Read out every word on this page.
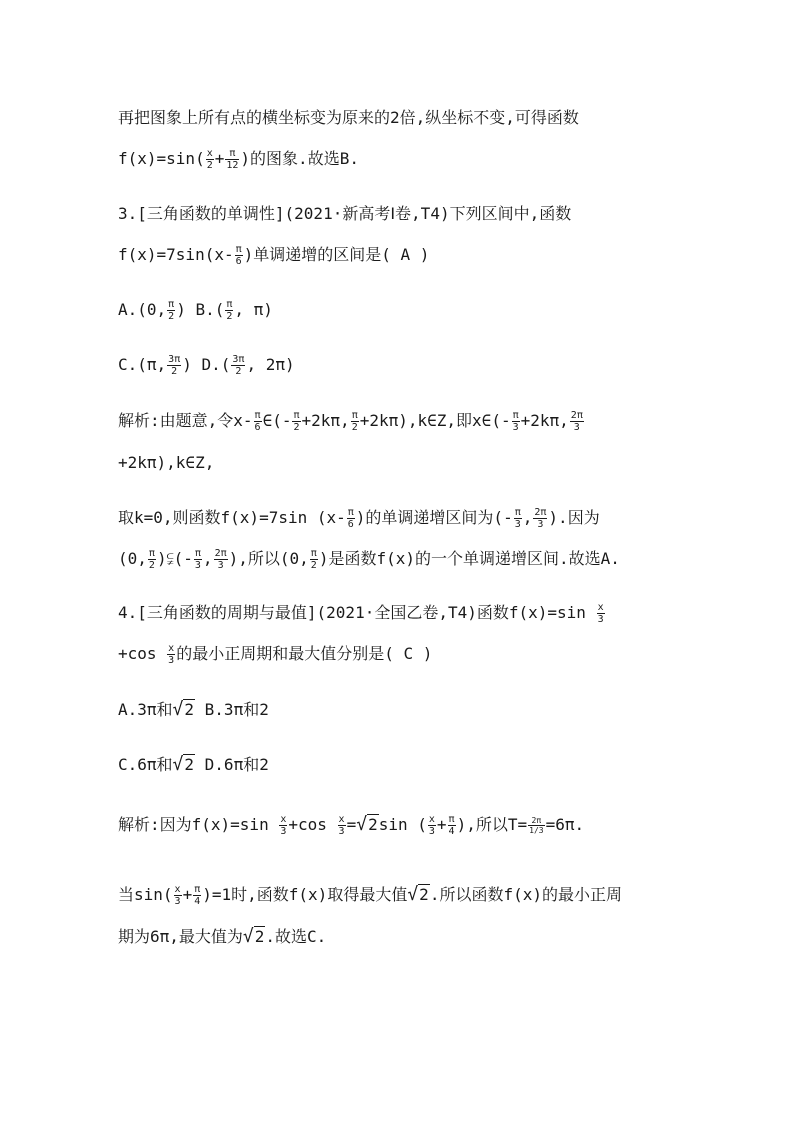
再把图象上所有点的横坐标变为原来的2倍,纵坐标不变,可得函数
$f(x)=\sin( \frac{x}{2} + \frac{\pi}{12}$ )的图象.故选B.
3.[三角函数的单调性](2021·新高考Ⅰ卷,T4)下列区间中,函数
$f(x)=7\sin(x- \frac{\pi}{6}$ )单调递增的区间是( A )
A.(0, $\frac{\pi}{2}$ ) $B.( \frac{\pi}{2}$ , π)
C.(π, $\frac{3\pi}{2}$ ) $D.( \frac{3\pi}{2}$ , 2π)
解析:由题意,令$x- \frac{\pi}{6}$ ∈(- $\frac{\pi}{2} +2k\pi$, $\frac{\pi}{2}$ +2kπ),k∈Z,即x∈(- $\frac{\pi}{3} +2k\pi$, $\frac{2\pi}{3}$
+2kπ),k∈Z,
取k=0,则函数f(x)=7sin ($x- \frac{\pi}{6}$ )的单调递增区间为(- $\frac{\pi}{3}$ , $\frac{2\pi}{3}$ ).因为
(0, $\frac{\pi}{2}$ )⫋(- $\frac{\pi}{3}$ , $\frac{2\pi}{3}$ ),所以(0, $\frac{\pi}{2}$ )是函数f(x)的一个单调递增区间.故选A.
4.[三角函数的周期与最值](2021·全国乙卷,T4)函数$f(x)=\sin \frac{x}{3}$
$+\cos \frac{x}{3}$ 的最小正周期和最大值分别是( C )
A.3π和√2 B.3π和2
C.6π和√2 D.6π和2
解析:因为$f(x)=\sin \frac{x}{3} +\cos \frac{x}{3} =√2\sin$ ( $\frac{x}{3} + \frac{\pi}{4}$ ),所以$T= \frac{2\pi}{1/3} =6\pi$.
当$\sin( \frac{x}{3} + \frac{\pi}{4} )=1$时,函数f(x)取得最大值√2.所以函数f(x)的最小正周
期为6π,最大值为√2.故选C.
